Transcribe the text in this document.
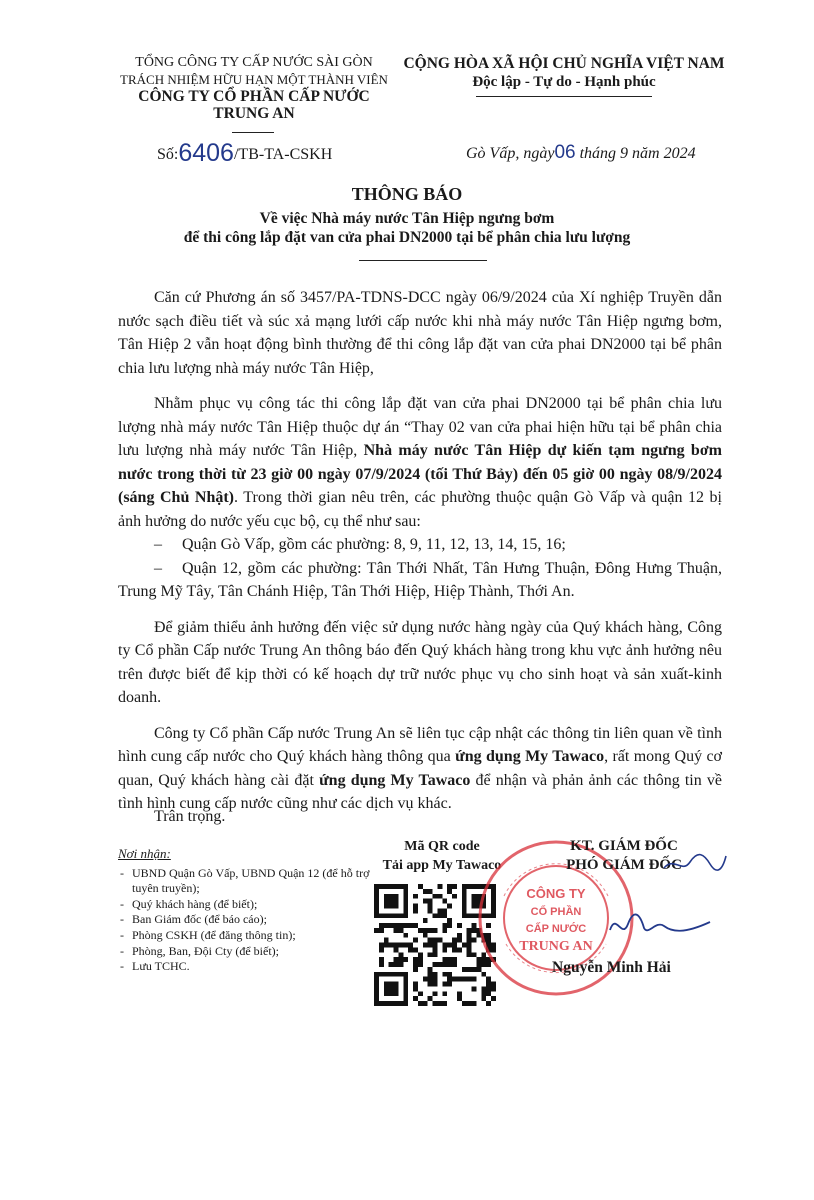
TỔNG CÔNG TY CẤP NƯỚC SÀI GÒN
TRÁCH NHIỆM HỮU HẠN MỘT THÀNH VIÊN
CÔNG TY CỔ PHẦN CẤP NƯỚC
TRUNG AN
CỘNG HÒA XÃ HỘI CHỦ NGHĨA VIỆT NAM
Độc lập - Tự do - Hạnh phúc
Số:6406/TB-TA-CSKH	Gò Vấp, ngày06 tháng 9 năm 2024
THÔNG BÁO
Về việc Nhà máy nước Tân Hiệp ngưng bơm
để thi công lắp đặt van cửa phai DN2000 tại bể phân chia lưu lượng

Căn cứ Phương án số 3457/PA-TDNS-DCC ngày 06/9/2024 của Xí nghiệp Truyền dẫn nước sạch điều tiết và súc xả mạng lưới cấp nước khi nhà máy nước Tân Hiệp ngưng bơm, Tân Hiệp 2 vẫn hoạt động bình thường để thi công lắp đặt van cửa phai DN2000 tại bể phân chia lưu lượng nhà máy nước Tân Hiệp,

Nhằm phục vụ công tác thi công lắp đặt van cửa phai DN2000 tại bể phân chia lưu lượng nhà máy nước Tân Hiệp thuộc dự án “Thay 02 van cửa phai hiện hữu tại bể phân chia lưu lượng nhà máy nước Tân Hiệp, Nhà máy nước Tân Hiệp dự kiến tạm ngưng bơm nước trong thời từ 23 giờ 00 ngày 07/9/2024 (tối Thứ Bảy) đến 05 giờ 00 ngày 08/9/2024 (sáng Chủ Nhật). Trong thời gian nêu trên, các phường thuộc quận Gò Vấp và quận 12 bị ảnh hưởng do nước yếu cục bộ, cụ thể như sau:

– Quận Gò Vấp, gồm các phường: 8, 9, 11, 12, 13, 14, 15, 16;
– Quận 12, gồm các phường: Tân Thới Nhất, Tân Hưng Thuận, Đông Hưng Thuận, Trung Mỹ Tây, Tân Chánh Hiệp, Tân Thới Hiệp, Hiệp Thành, Thới An.

Để giảm thiểu ảnh hưởng đến việc sử dụng nước hàng ngày của Quý khách hàng, Công ty Cổ phần Cấp nước Trung An thông báo đến Quý khách hàng trong khu vực ảnh hưởng nêu trên được biết để kịp thời có kế hoạch dự trữ nước phục vụ cho sinh hoạt và sản xuất-kinh doanh.

Công ty Cổ phần Cấp nước Trung An sẽ liên tục cập nhật các thông tin liên quan về tình hình cung cấp nước cho Quý khách hàng thông qua ứng dụng My Tawaco, rất mong Quý cơ quan, Quý khách hàng cài đặt ứng dụng My Tawaco để nhận và phản ảnh các thông tin về tình hình cung cấp nước cũng như các dịch vụ khác.

Trân trọng.
Nơi nhận:
- UBND Quận Gò Vấp, UBND Quận 12 (để hỗ trợ tuyên truyền);
- Quý khách hàng (để biết);
- Ban Giám đốc (để báo cáo);
- Phòng CSKH (để đăng thông tin);
- Phòng, Ban, Đội Cty (để biết);
- Lưu TCHC.
Mã QR code
Tải app My Tawaco
CÔNG TY
CỔ PHẦN
CẤP NƯỚC
TRUNG AN
KT. GIÁM ĐỐC
PHÓ GIÁM ĐỐC
Nguyễn Minh Hải
